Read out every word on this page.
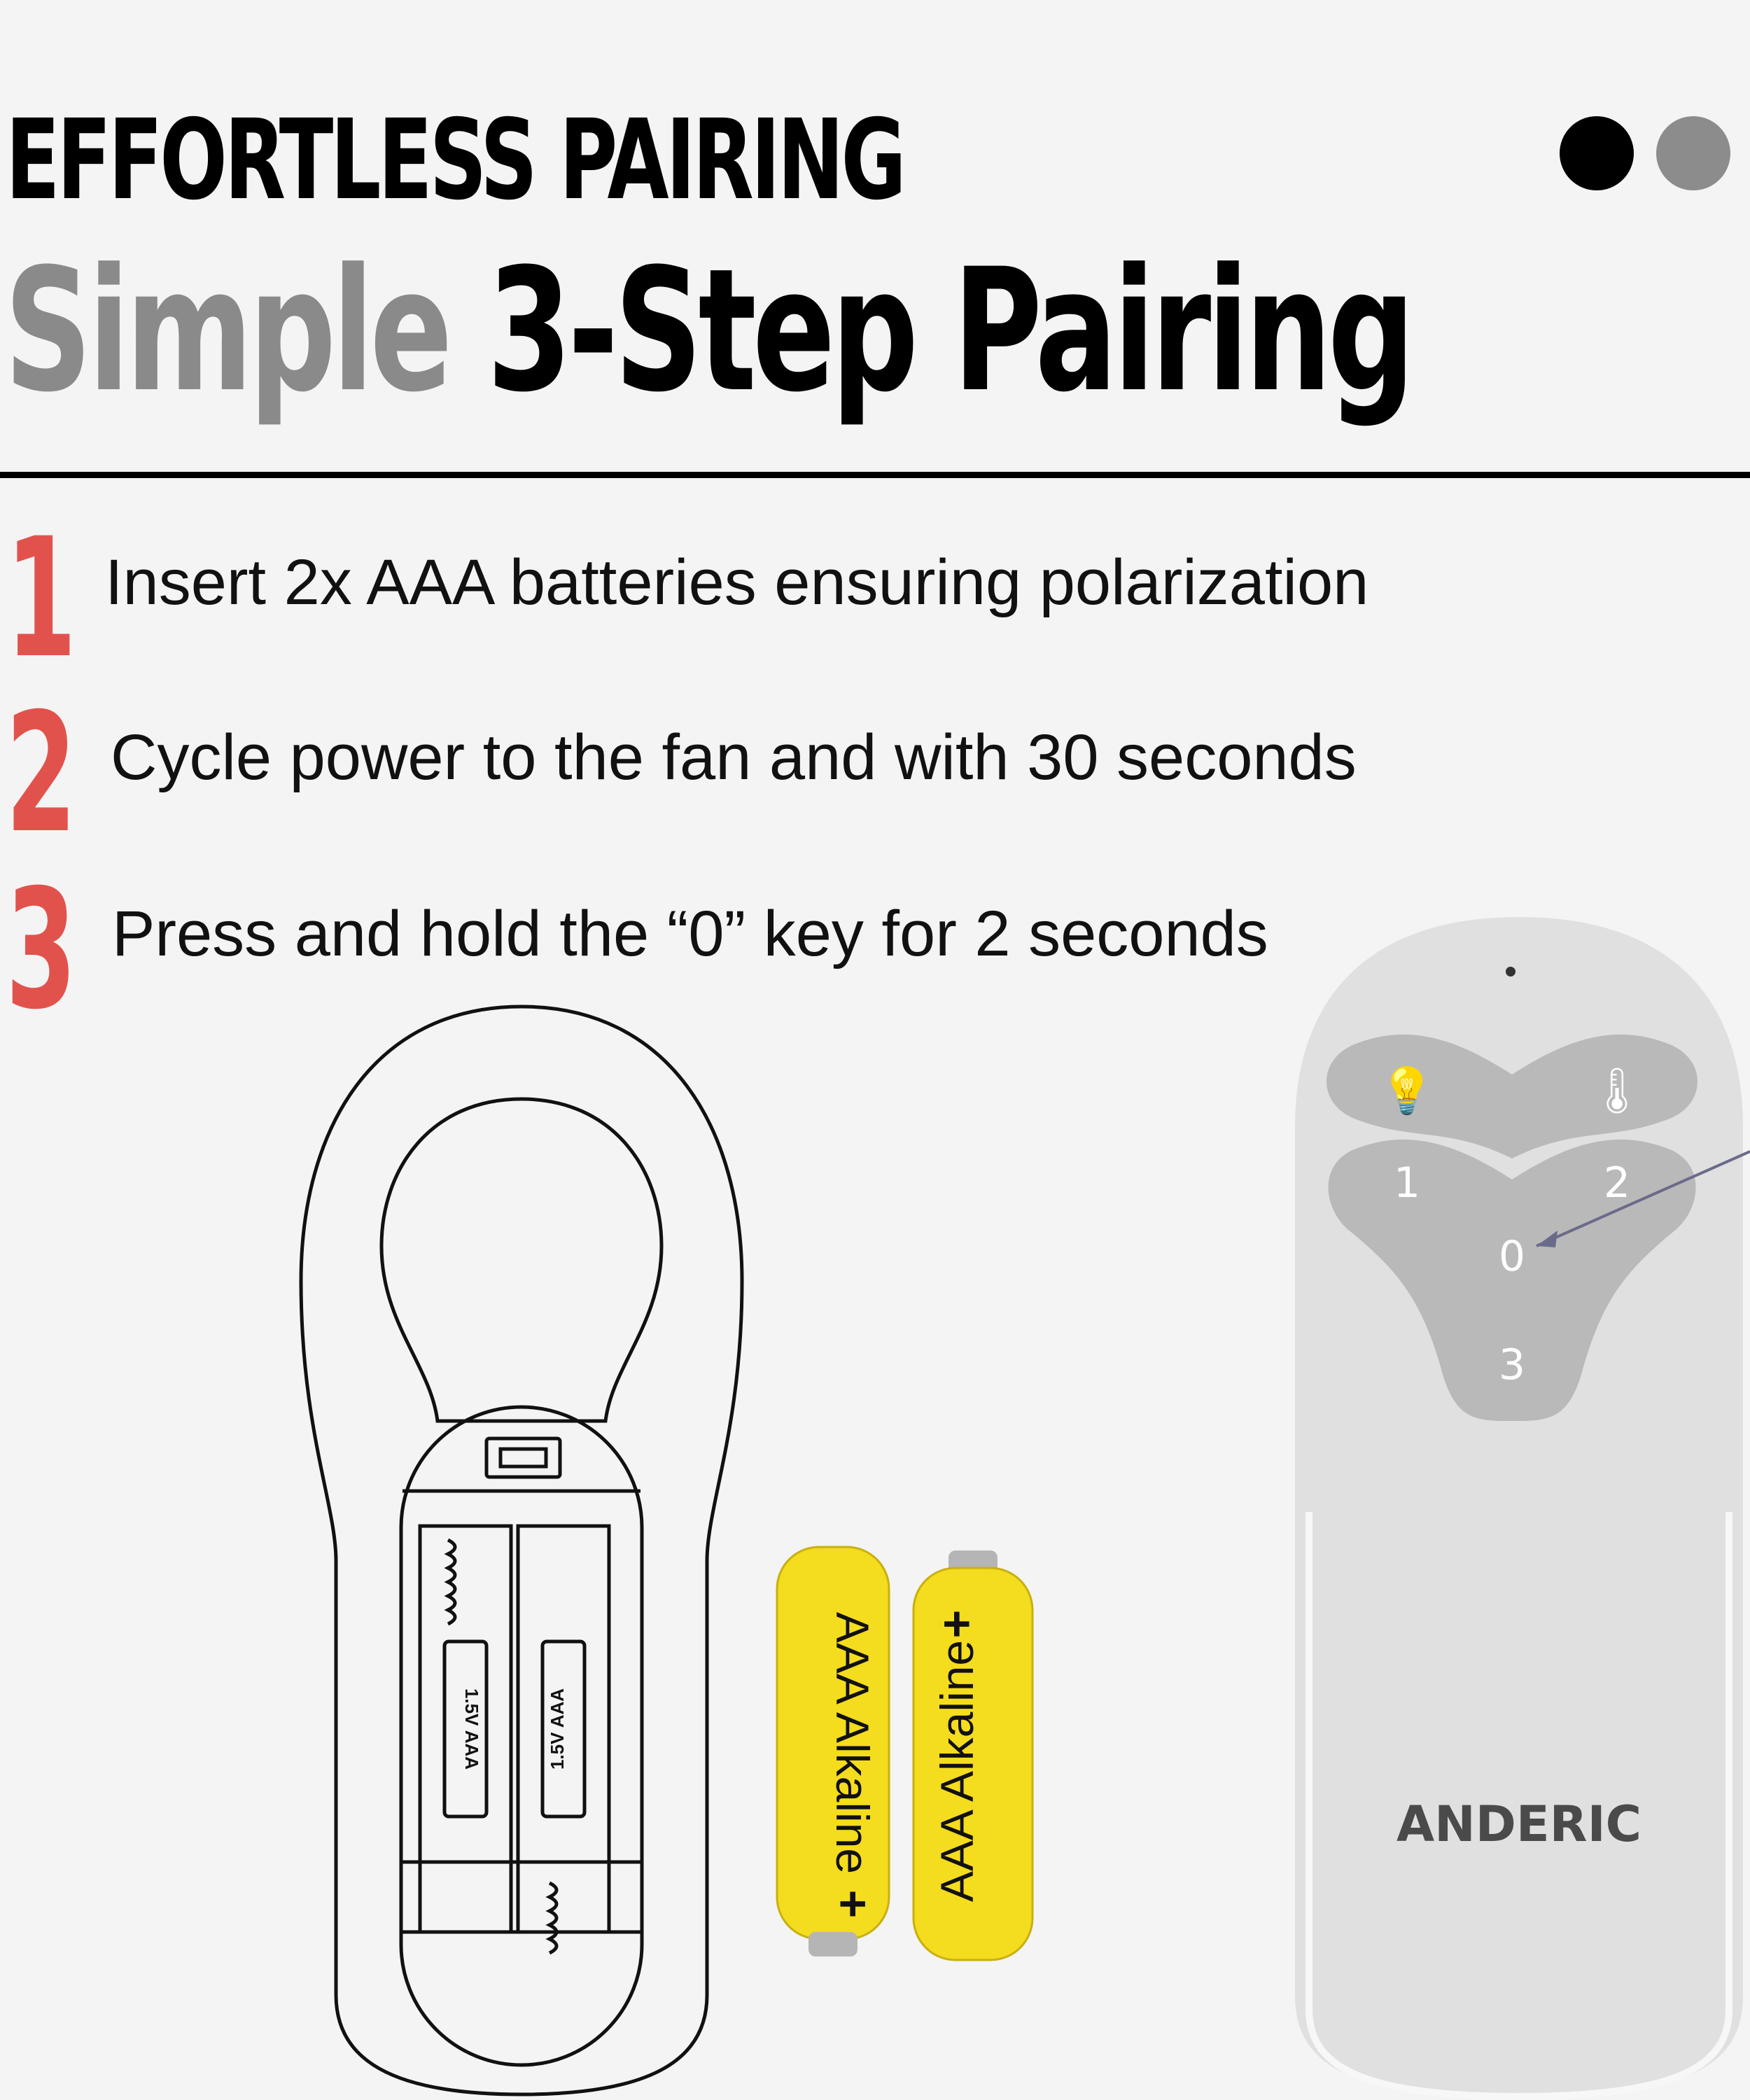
EFFORTLESS PAIRING
Simple 3-Step Pairing
1 Insert 2x AAA batteries ensuring polarization
2 Cycle power to the fan and with 30 seconds
3 Press and hold the “0” key for 2 seconds
1.5V AAA	1.5V AAA	AAA Alkaline
+
AAA Alkaline
+
💡	🌡
1	2
0
3
ANDERIC
